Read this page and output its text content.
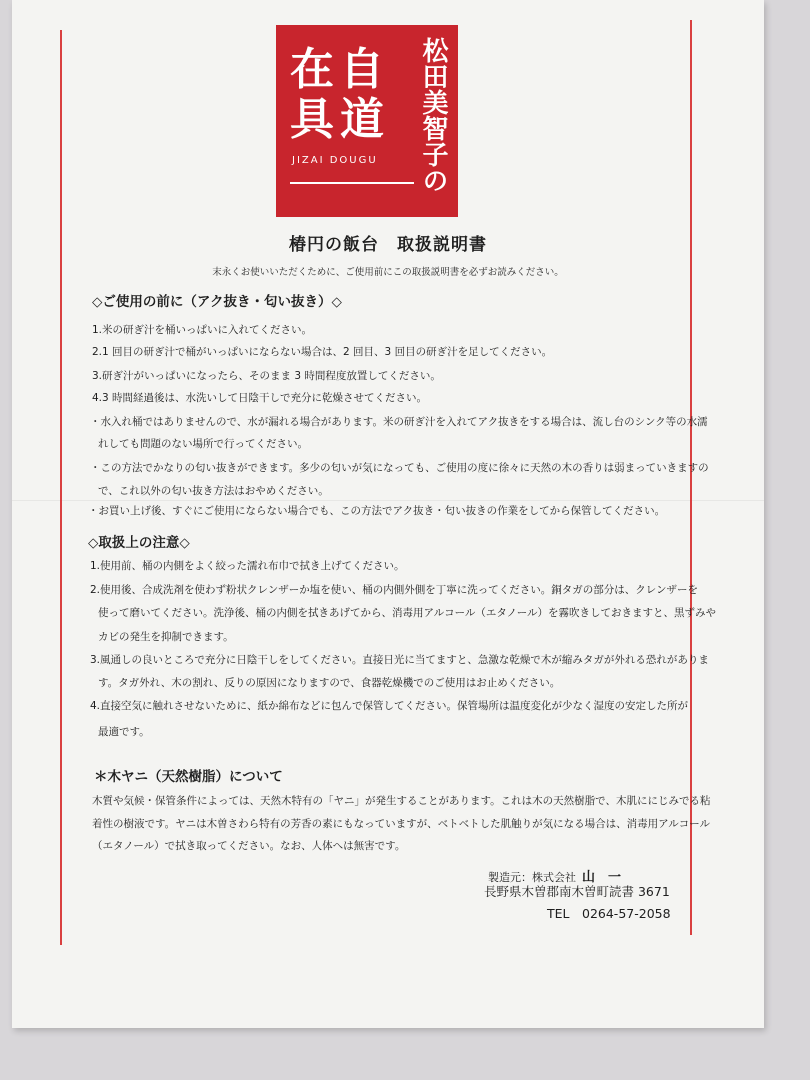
在 自
具 道
JIZAI DOUGU 松田美智子の
椿円の飯台　取扱説明書
末永くお使いいただくために、ご使用前にこの取扱説明書を必ずお読みください。
◇ご使用の前に（アク抜き・匂い抜き）◇
1.米の研ぎ汁を桶いっぱいに入れてください。
2.1 回目の研ぎ汁で桶がいっぱいにならない場合は、2 回目、3 回目の研ぎ汁を足してください。
3.研ぎ汁がいっぱいになったら、そのまま 3 時間程度放置してください。
4.3 時間経過後は、水洗いして日陰干しで充分に乾燥させてください。
・水入れ桶ではありませんので、水が漏れる場合があります。米の研ぎ汁を入れてアク抜きをする場合は、流し台のシンク等の水濡
れしても問題のない場所で行ってください。
・この方法でかなりの匂い抜きができます。多少の匂いが気になっても、ご使用の度に徐々に天然の木の香りは弱まっていきますの
で、これ以外の匂い抜き方法はおやめください。
・お買い上げ後、すぐにご使用にならない場合でも、この方法でアク抜き・匂い抜きの作業をしてから保管してください。
◇取扱上の注意◇
1.使用前、桶の内側をよく絞った濡れ布巾で拭き上げてください。
2.使用後、合成洗剤を使わず粉状クレンザーか塩を使い、桶の内側外側を丁寧に洗ってください。銅タガの部分は、クレンザーを
使って磨いてください。洗浄後、桶の内側を拭きあげてから、消毒用アルコール（エタノール）を霧吹きしておきますと、黒ずみや
カビの発生を抑制できます。
3.風通しの良いところで充分に日陰干しをしてください。直接日光に当てますと、急激な乾燥で木が縮みタガが外れる恐れがありま
す。タガ外れ、木の割れ、反りの原因になりますので、食器乾燥機でのご使用はお止めください。
4.直接空気に触れさせないために、紙か綿布などに包んで保管してください。保管場所は温度変化が少なく湿度の安定した所が
最適です。
＊木ヤニ（天然樹脂）について
木質や気候・保管条件によっては、天然木特有の「ヤニ」が発生することがあります。これは木の天然樹脂で、木肌ににじみでる粘
着性の樹液です。ヤニは木曽さわら特有の芳香の素にもなっていますが、ベトベトした肌触りが気になる場合は、消毒用アルコール
（エタノール）で拭き取ってください。なお、人体へは無害です。
製造元：株式会社 山　一
長野県木曽郡南木曽町読書 3671
TEL　0264-57-2058
